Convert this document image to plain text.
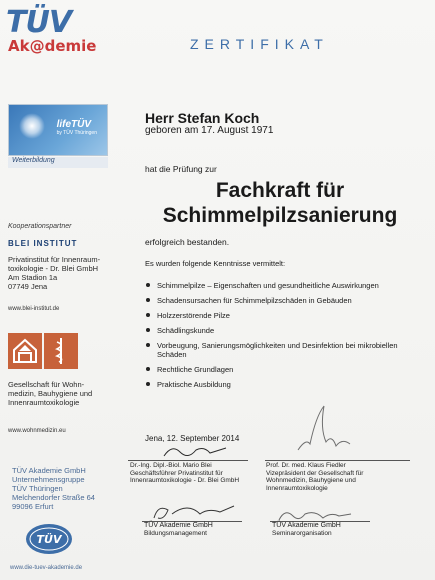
TÜV
Ak@demie
lifeTÜV
by TÜV Thüringen
Weiterbildung
Kooperationspartner
BLEI INSTITUT
Privatinstitut für Innenraum-
toxikologie - Dr. Blei GmbH
Am Stadion 1a
07749 Jena
www.blei-institut.de
Gesellschaft für Wohn-
medizin, Bauhygiene und
Innenraumtoxikologie
www.wohnmedizin.eu
TÜV Akademie GmbH
Unternehmensgruppe
TÜV Thüringen
Melchendorfer Straße 64
99096 Erfurt
TÜV
www.die-tuev-akademie.de
ZERTIFIKAT
Herr Stefan Koch
geboren am 17. August 1971
hat die Prüfung zur
Fachkraft für
Schimmelpilzsanierung
erfolgreich bestanden.
Es wurden folgende Kenntnisse vermittelt:
Schimmelpilze – Eigenschaften und gesundheitliche Auswirkungen
Schadensursachen für Schimmelpilzschäden in Gebäuden
Holzzerstörende Pilze
Schädlingskunde
Vorbeugung, Sanierungsmöglichkeiten und Desinfektion bei mikrobiellen Schäden
Rechtliche Grundlagen
Praktische Ausbildung
Jena, 12. September 2014
Dr.-Ing. Dipl.-Biol. Mario Blei
Geschäftsführer Privatinstitut für
Innenraumtoxikologie - Dr. Blei GmbH
Prof. Dr. med. Klaus Fiedler
Vizepräsident der Gesellschaft für
Wohnmedizin, Bauhygiene und
Innenraumtoxikologie
TÜV Akademie GmbH
Bildungsmanagement
TÜV Akademie GmbH
Seminarorganisation
